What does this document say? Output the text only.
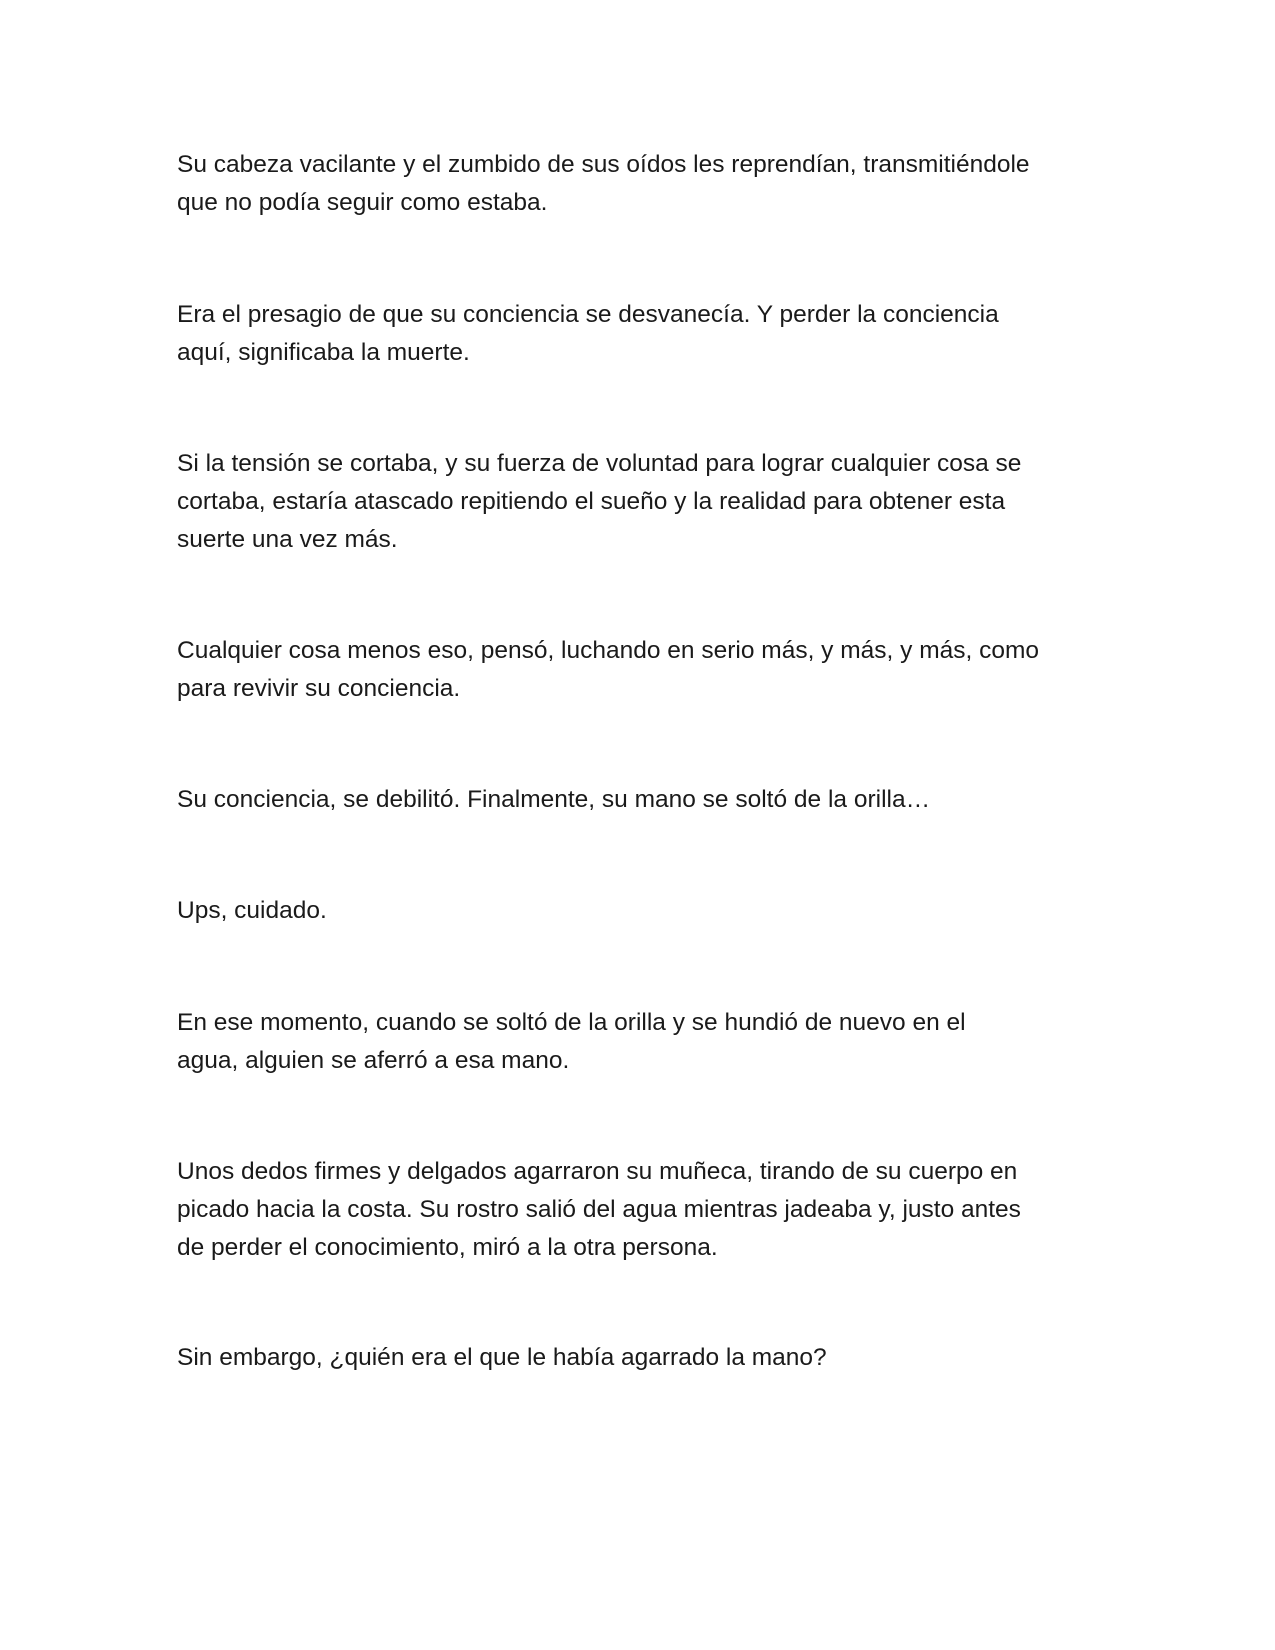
Su cabeza vacilante y el zumbido de sus oídos les reprendían, transmitiéndole
que no podía seguir como estaba.

Era el presagio de que su conciencia se desvanecía. Y perder la conciencia
aquí, significaba la muerte.

Si la tensión se cortaba, y su fuerza de voluntad para lograr cualquier cosa se
cortaba, estaría atascado repitiendo el sueño y la realidad para obtener esta
suerte una vez más.

Cualquier cosa menos eso, pensó, luchando en serio más, y más, y más, como
para revivir su conciencia.

Su conciencia, se debilitó. Finalmente, su mano se soltó de la orilla…

Ups, cuidado.

En ese momento, cuando se soltó de la orilla y se hundió de nuevo en el
agua, alguien se aferró a esa mano.

Unos dedos firmes y delgados agarraron su muñeca, tirando de su cuerpo en
picado hacia la costa. Su rostro salió del agua mientras jadeaba y, justo antes
de perder el conocimiento, miró a la otra persona.

Sin embargo, ¿quién era el que le había agarrado la mano?
